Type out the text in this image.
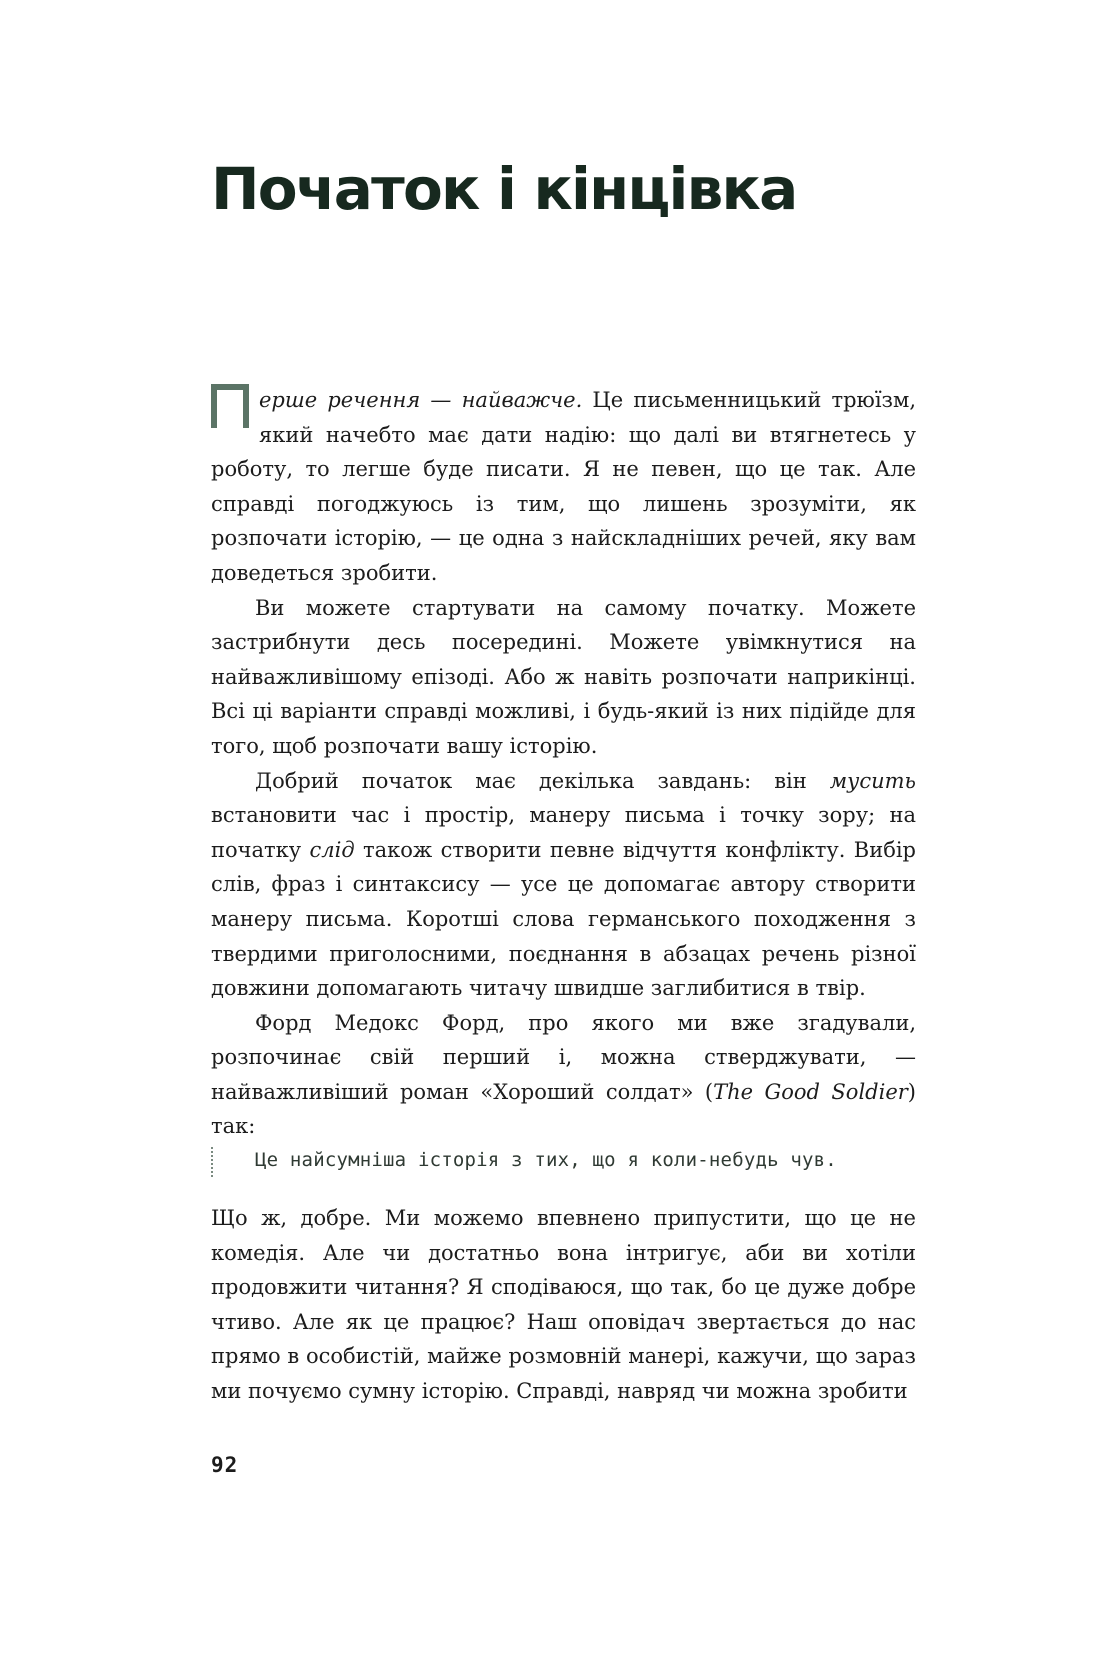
Початок і кінцівка

ерше речення — найважче. Це письменницький трюїзм, який начебто має дати надію: що далі ви втягнетесь у роботу, то легше буде писати. Я не певен, що це так. Але справді погоджуюсь із тим, що лишень зрозуміти, як розпочати історію, — це одна з найскладніших речей, яку вам доведеться зробити.

Ви можете стартувати на самому початку. Можете застрибнути десь посередині. Можете увімкнутися на найважливішому епізоді. Або ж навіть розпочати наприкінці. Всі ці варіанти справді можливі, і будь-який із них підійде для того, щоб розпочати вашу історію.

Добрий початок має декілька завдань: він мусить встановити час і простір, манеру письма і точку зору; на початку слід також створити певне відчуття конфлікту. Вибір слів, фраз і синтаксису — усе це допомагає автору створити манеру письма. Коротші слова германського походження з твердими приголосними, поєднання в абзацах речень різної довжини допомагають читачу швидше заглибитися в твір.

Форд Медокс Форд, про якого ми вже згадували, розпочинає свій перший і, можна стверджувати, — найважливіший роман «Хороший солдат» (The Good Soldier) так:

Це найсумніша історія з тих, що я коли-небудь чув.

Що ж, добре. Ми можемо впевнено припустити, що це не комедія. Але чи достатньо вона інтригує, аби ви хотіли продовжити читання? Я сподіваюся, що так, бо це дуже добре чтиво. Але як це працює? Наш оповідач звертається до нас прямо в особистій, майже розмовній манері, кажучи, що зараз ми почуємо сумну історію. Справді, навряд чи можна зробити

92
